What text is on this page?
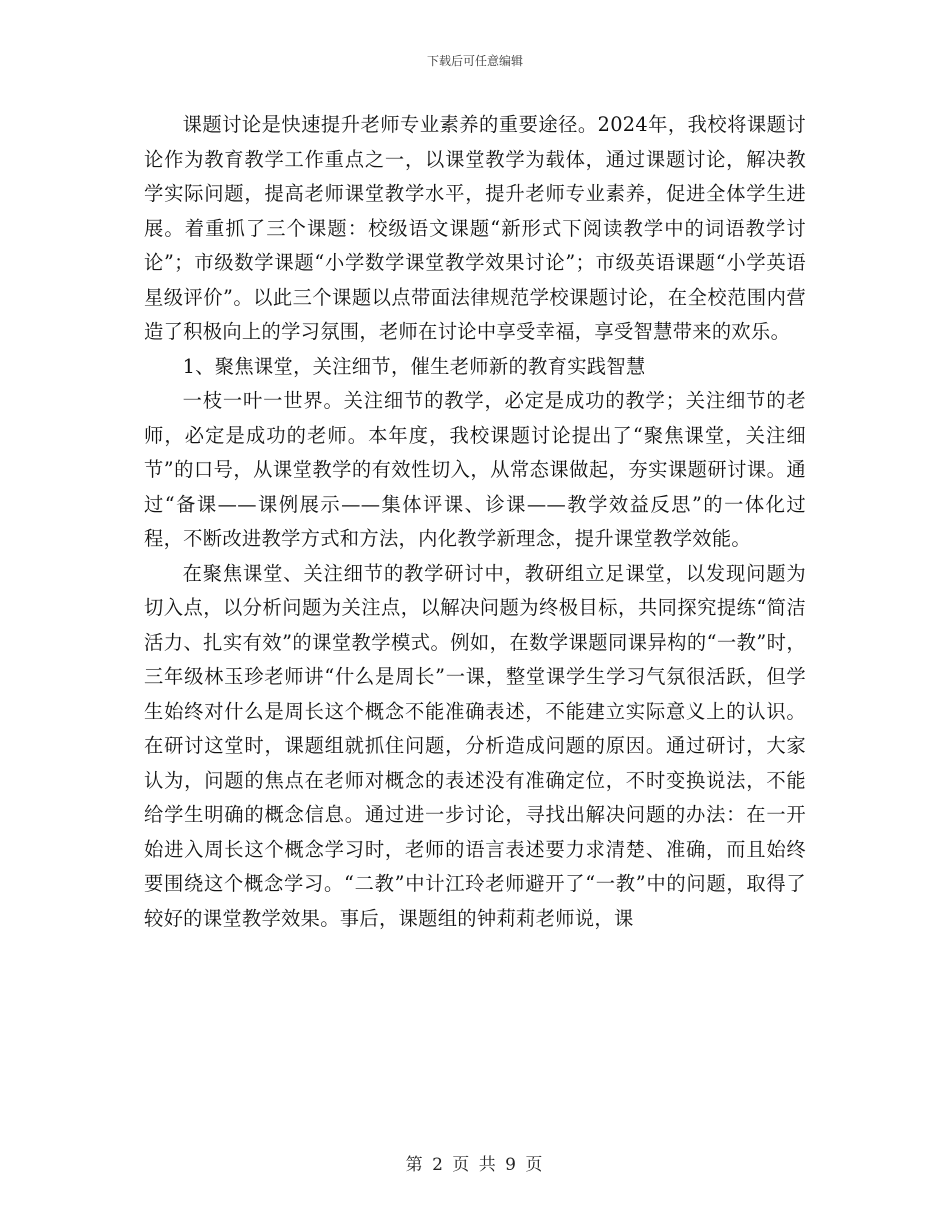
下载后可任意编辑

课题讨论是快速提升老师专业素养的重要途径。2024年，我校将课题讨论作为教育教学工作重点之一，以课堂教学为载体，通过课题讨论，解决教学实际问题，提高老师课堂教学水平，提升老师专业素养，促进全体学生进展。着重抓了三个课题：校级语文课题“新形式下阅读教学中的词语教学讨论”；市级数学课题“小学数学课堂教学效果讨论”；市级英语课题“小学英语星级评价”。以此三个课题以点带面法律规范学校课题讨论，在全校范围内营造了积极向上的学习氛围，老师在讨论中享受幸福，享受智慧带来的欢乐。

1、聚焦课堂，关注细节，催生老师新的教育实践智慧

一枝一叶一世界。关注细节的教学，必定是成功的教学；关注细节的老师，必定是成功的老师。本年度，我校课题讨论提出了“聚焦课堂，关注细节”的口号，从课堂教学的有效性切入，从常态课做起，夯实课题研讨课。通过“备课——课例展示——集体评课、诊课——教学效益反思”的一体化过程，不断改进教学方式和方法，内化教学新理念，提升课堂教学效能。

在聚焦课堂、关注细节的教学研讨中，教研组立足课堂，以发现问题为切入点，以分析问题为关注点，以解决问题为终极目标，共同探究提练“简洁活力、扎实有效”的课堂教学模式。例如，在数学课题同课异构的“一教”时，三年级林玉珍老师讲“什么是周长”一课，整堂课学生学习气氛很活跃，但学生始终对什么是周长这个概念不能准确表述，不能建立实际意义上的认识。在研讨这堂时，课题组就抓住问题，分析造成问题的原因。通过研讨，大家认为，问题的焦点在老师对概念的表述没有准确定位，不时变换说法，不能给学生明确的概念信息。通过进一步讨论，寻找出解决问题的办法：在一开始进入周长这个概念学习时，老师的语言表述要力求清楚、准确，而且始终要围绕这个概念学习。“二教”中计江玲老师避开了“一教”中的问题，取得了较好的课堂教学效果。事后，课题组的钟莉莉老师说，课

第 2 页 共 9 页
